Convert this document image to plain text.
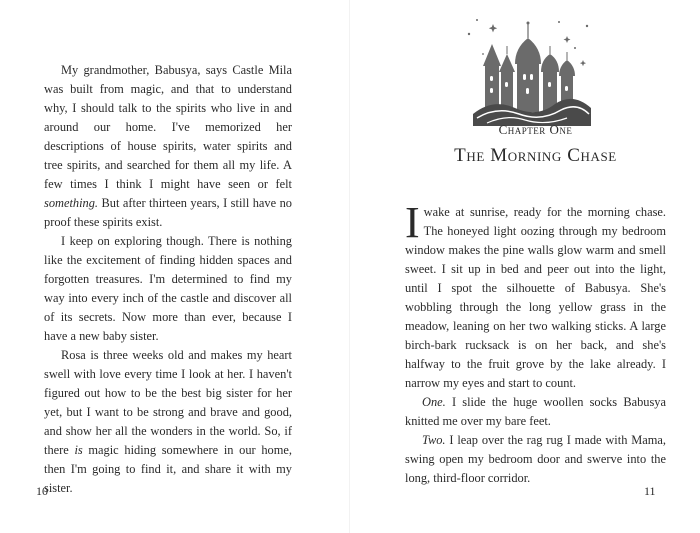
My grandmother, Babusya, says Castle Mila was built from magic, and that to understand why, I should talk to the spirits who live in and around our home. I've memorized her descriptions of house spirits, water spirits and tree spirits, and searched for them all my life. A few times I think I might have seen or felt something. But after thirteen years, I still have no proof these spirits exist.

I keep on exploring though. There is nothing like the excitement of finding hidden spaces and forgotten treasures. I'm determined to find my way into every inch of the castle and discover all of its secrets. Now more than ever, because I have a new baby sister.

Rosa is three weeks old and makes my heart swell with love every time I look at her. I haven't figured out how to be the best big sister for her yet, but I want to be strong and brave and good, and show her all the wonders in the world. So, if there is magic hiding somewhere in our home, then I'm going to find it, and share it with my sister.

10
Chapter One
The Morning Chase

I wake at sunrise, ready for the morning chase. The honeyed light oozing through my bedroom window makes the pine walls glow warm and smell sweet. I sit up in bed and peer out into the light, until I spot the silhouette of Babusya. She's wobbling through the long yellow grass in the meadow, leaning on her two walking sticks. A large birch-bark rucksack is on her back, and she's halfway to the fruit grove by the lake already. I narrow my eyes and start to count.

One. I slide the huge woollen socks Babusya knitted me over my bare feet.

Two. I leap over the rag rug I made with Mama, swing open my bedroom door and swerve into the long, third-floor corridor.

11
